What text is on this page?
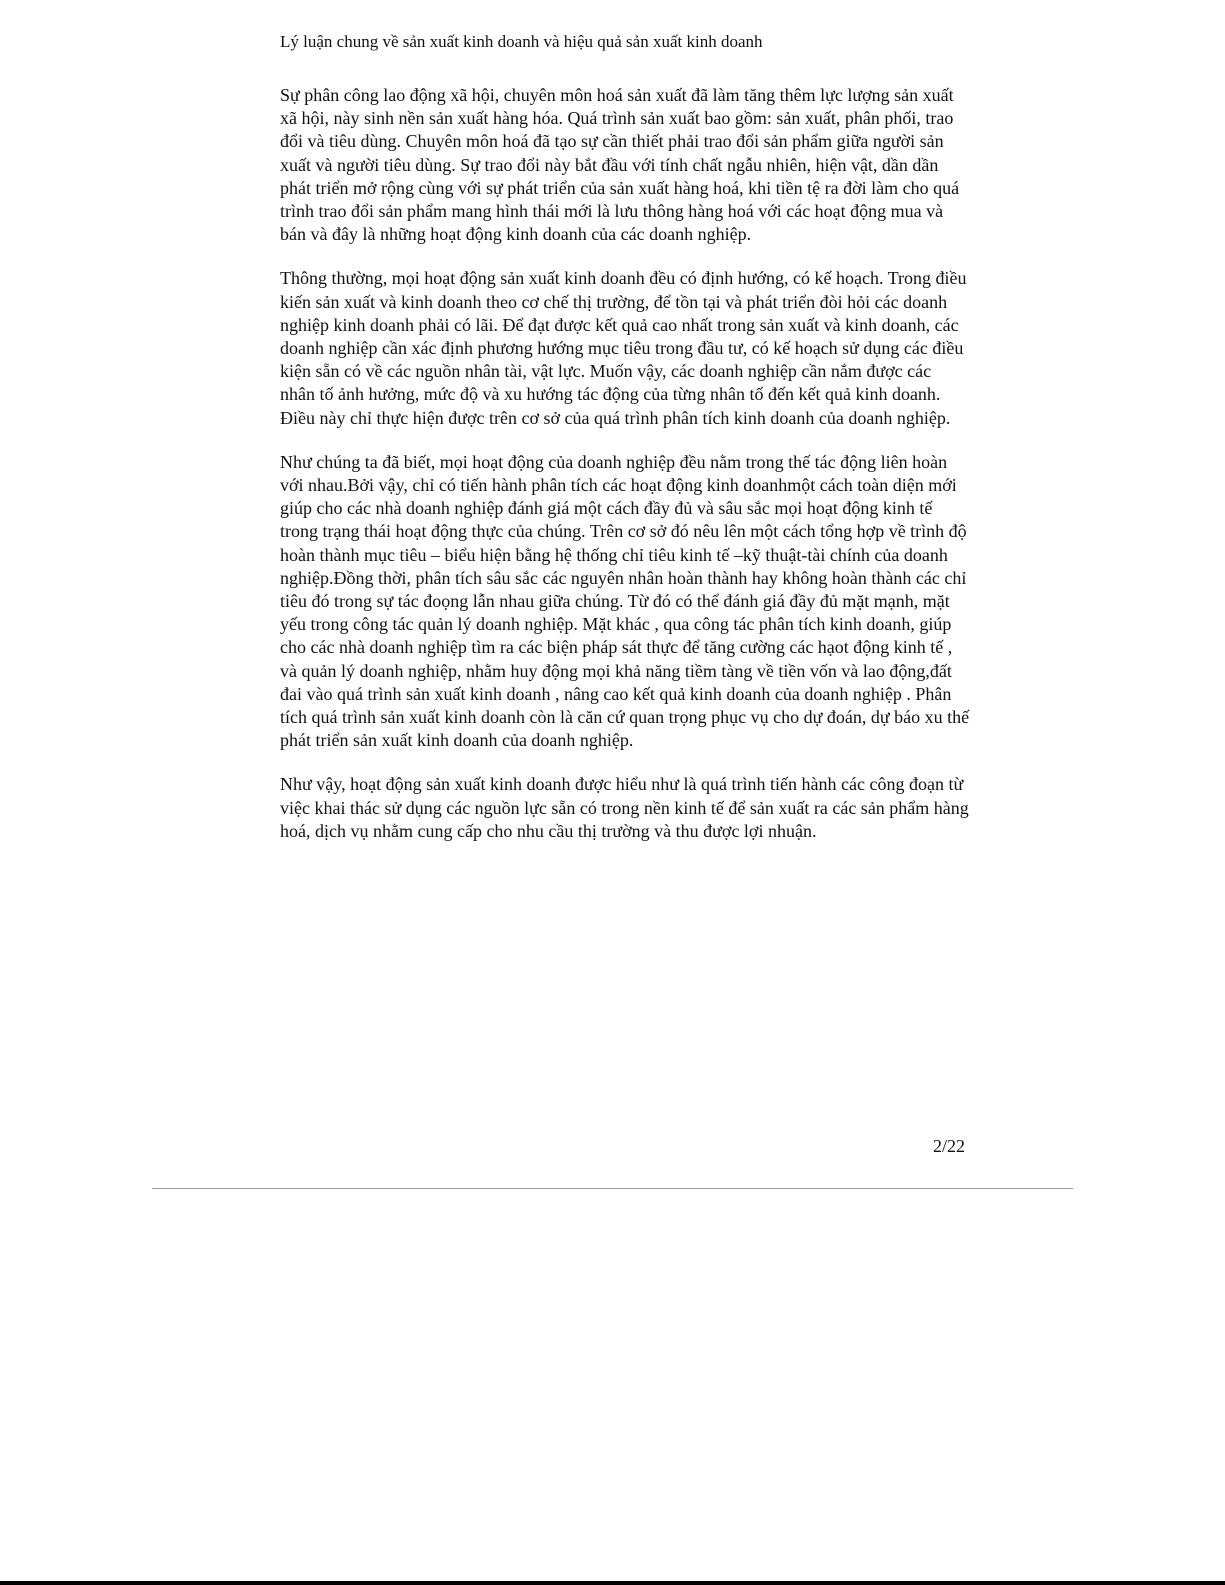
Lý luận chung về sản xuất kinh doanh và hiệu quả sản xuất kinh doanh

Sự phân công lao động xã hội, chuyên môn hoá sản xuất đã làm tăng thêm lực lượng sản xuất xã hội, này sinh nền sản xuất hàng hóa. Quá trình sản xuất bao gồm: sản xuất, phân phối, trao đổi và tiêu dùng. Chuyên môn hoá đã tạo sự cần thiết phải trao đổi sản phẩm giữa người sản xuất và người tiêu dùng. Sự trao đổi này bắt đầu với tính chất ngẫu nhiên, hiện vật, dần dần phát triển mở rộng cùng với sự phát triển của sản xuất hàng hoá, khi tiền tệ ra đời làm cho quá trình trao đổi sản phẩm mang hình thái mới là lưu thông hàng hoá với các hoạt động mua và bán và đây là những hoạt động kinh doanh của các doanh nghiệp.

Thông thường, mọi hoạt động sản xuất kinh doanh đều có định hướng, có kế hoạch. Trong điều kiến sản xuất và kinh doanh theo cơ chế thị trường, để tồn tại và phát triển đòi hỏi các doanh nghiệp kinh doanh phải có lãi. Để đạt được kết quả cao nhất trong sản xuất và kinh doanh, các doanh nghiệp cần xác định phương hướng mục tiêu trong đầu tư, có kế hoạch sử dụng các điều kiện sẵn có về các nguồn nhân tài, vật lực. Muốn vậy, các doanh nghiệp cần nắm được các nhân tố ảnh hưởng, mức độ và xu hướng tác động của từng nhân tố đến kết quả kinh doanh. Điều này chỉ thực hiện được trên cơ sở của quá trình phân tích kinh doanh của doanh nghiệp.

Như chúng ta đã biết, mọi hoạt động của doanh nghiệp đều nằm trong thế tác động liên hoàn với nhau.Bởi vậy, chỉ có tiến hành phân tích các hoạt động kinh doanhmột cách toàn diện mới giúp cho các nhà doanh nghiệp đánh giá một cách đầy đủ và sâu sắc mọi hoạt động kinh tế trong trạng thái hoạt động thực của chúng. Trên cơ sở đó nêu lên một cách tổng hợp về trình độ hoàn thành mục tiêu – biểu hiện bằng hệ thống chỉ tiêu kinh tế –kỹ thuật-tài chính của doanh nghiệp.Đồng thời, phân tích sâu sắc các nguyên nhân hoàn thành hay không hoàn thành các chỉ tiêu đó trong sự tác đoọng lẫn nhau giữa chúng. Từ đó có thể đánh giá đầy đủ mặt mạnh, mặt yếu trong công tác quản lý doanh nghiệp. Mặt khác , qua công tác phân tích kinh doanh, giúp cho các nhà doanh nghiệp tìm ra các biện pháp sát thực để tăng cường các hạot động kinh tế , và quản lý doanh nghiệp, nhằm huy động mọi khả năng tiềm tàng về tiền vốn và lao động,đất đai vào quá trình sản xuất kinh doanh , nâng cao kết quả kinh doanh của doanh nghiệp . Phân tích quá trình sản xuất kinh doanh còn là căn cứ quan trọng phục vụ cho dự đoán, dự báo xu thế phát triển sản xuất kinh doanh của doanh nghiệp.

Như vậy, hoạt động sản xuất kinh doanh được hiểu như là quá trình tiến hành các công đoạn từ việc khai thác sử dụng các nguồn lực sẵn có trong nền kinh tế để sản xuất ra các sản phẩm hàng hoá, dịch vụ nhằm cung cấp cho nhu cầu thị trường và thu được lợi nhuận.

2/22
